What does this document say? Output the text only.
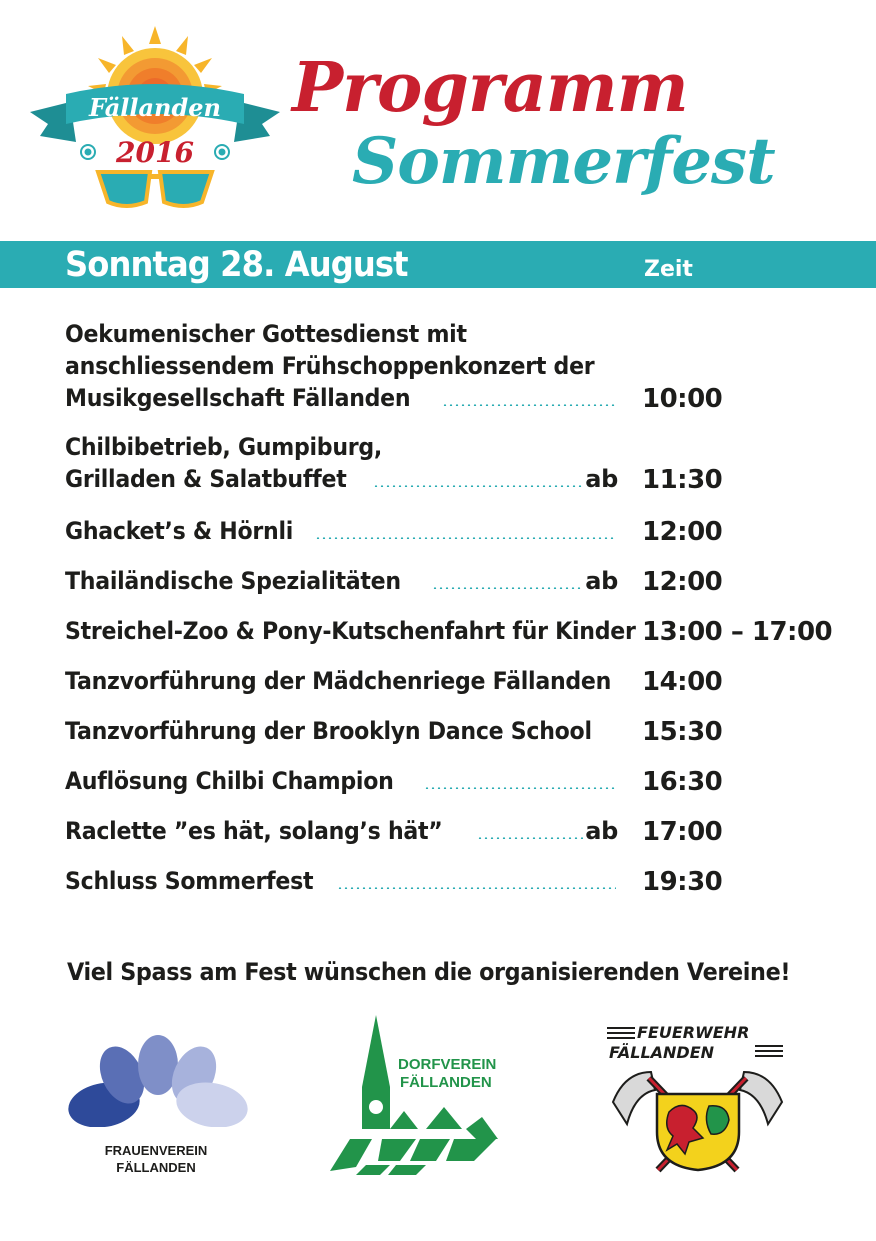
Fällanden
2016
Programm
Sommerfest
Sonntag 28. August	Zeit
Oekumenischer Gottesdienst mit
anschliessendem Frühschoppenkonzert der
Musikgesellschaft Fällanden	10:00
Chilbibetrieb, Gumpiburg,
Grilladen & Salatbuffet	ab 11:30
Ghacket’s & Hörnli	12:00
Thailändische Spezialitäten	ab 12:00
Streichel-Zoo & Pony-Kutschenfahrt für Kinder 13:00 – 17:00
Tanzvorführung der Mädchenriege Fällanden 14:00
Tanzvorführung der Brooklyn Dance School 15:30
Auflösung Chilbi Champion	16:30
Raclette ”es hät, solang’s hät”	ab 17:00
Schluss Sommerfest	19:30
Viel Spass am Fest wünschen die organisierenden Vereine!
FRAUENVEREIN
FÄLLANDEN
DORFVEREIN
FÄLLANDEN
FEUERWEHR
FÄLLANDEN
